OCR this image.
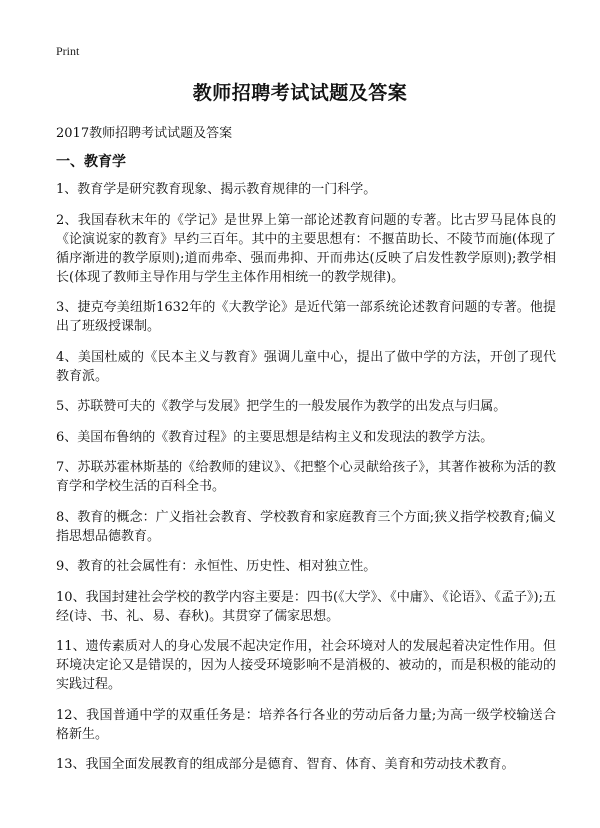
Print
教师招聘考试试题及答案
2017教师招聘考试试题及答案
一、教育学

1、教育学是研究教育现象、揭示教育规律的一门科学。

2、我国春秋末年的《学记》是世界上第一部论述教育问题的专著。比古罗马昆体良的《论演说家的教育》早约三百年。其中的主要思想有：不揠苗助长、不陵节而施(体现了循序渐进的教学原则);道而弗牵、强而弗抑、开而弗达(反映了启发性教学原则);教学相长(体现了教师主导作用与学生主体作用相统一的教学规律)。

3、捷克夸美纽斯1632年的《大教学论》是近代第一部系统论述教育问题的专著。他提出了班级授课制。

4、美国杜威的《民本主义与教育》强调儿童中心，提出了做中学的方法，开创了现代教育派。

5、苏联赞可夫的《教学与发展》把学生的一般发展作为教学的出发点与归属。

6、美国布鲁纳的《教育过程》的主要思想是结构主义和发现法的教学方法。

7、苏联苏霍林斯基的《给教师的建议》、《把整个心灵献给孩子》，其著作被称为活的教育学和学校生活的百科全书。

8、教育的概念：广义指社会教育、学校教育和家庭教育三个方面;狭义指学校教育;偏义指思想品德教育。

9、教育的社会属性有：永恒性、历史性、相对独立性。

10、我国封建社会学校的教学内容主要是：四书(《大学》、《中庸》、《论语》、《孟子》);五经(诗、书、礼、易、春秋)。其贯穿了儒家思想。

11、遗传素质对人的身心发展不起决定作用，社会环境对人的发展起着决定性作用。但环境决定论又是错误的，因为人接受环境影响不是消极的、被动的，而是积极的能动的实践过程。

12、我国普通中学的双重任务是：培养各行各业的劳动后备力量;为高一级学校输送合格新生。

13、我国全面发展教育的组成部分是德育、智育、体育、美育和劳动技术教育。
